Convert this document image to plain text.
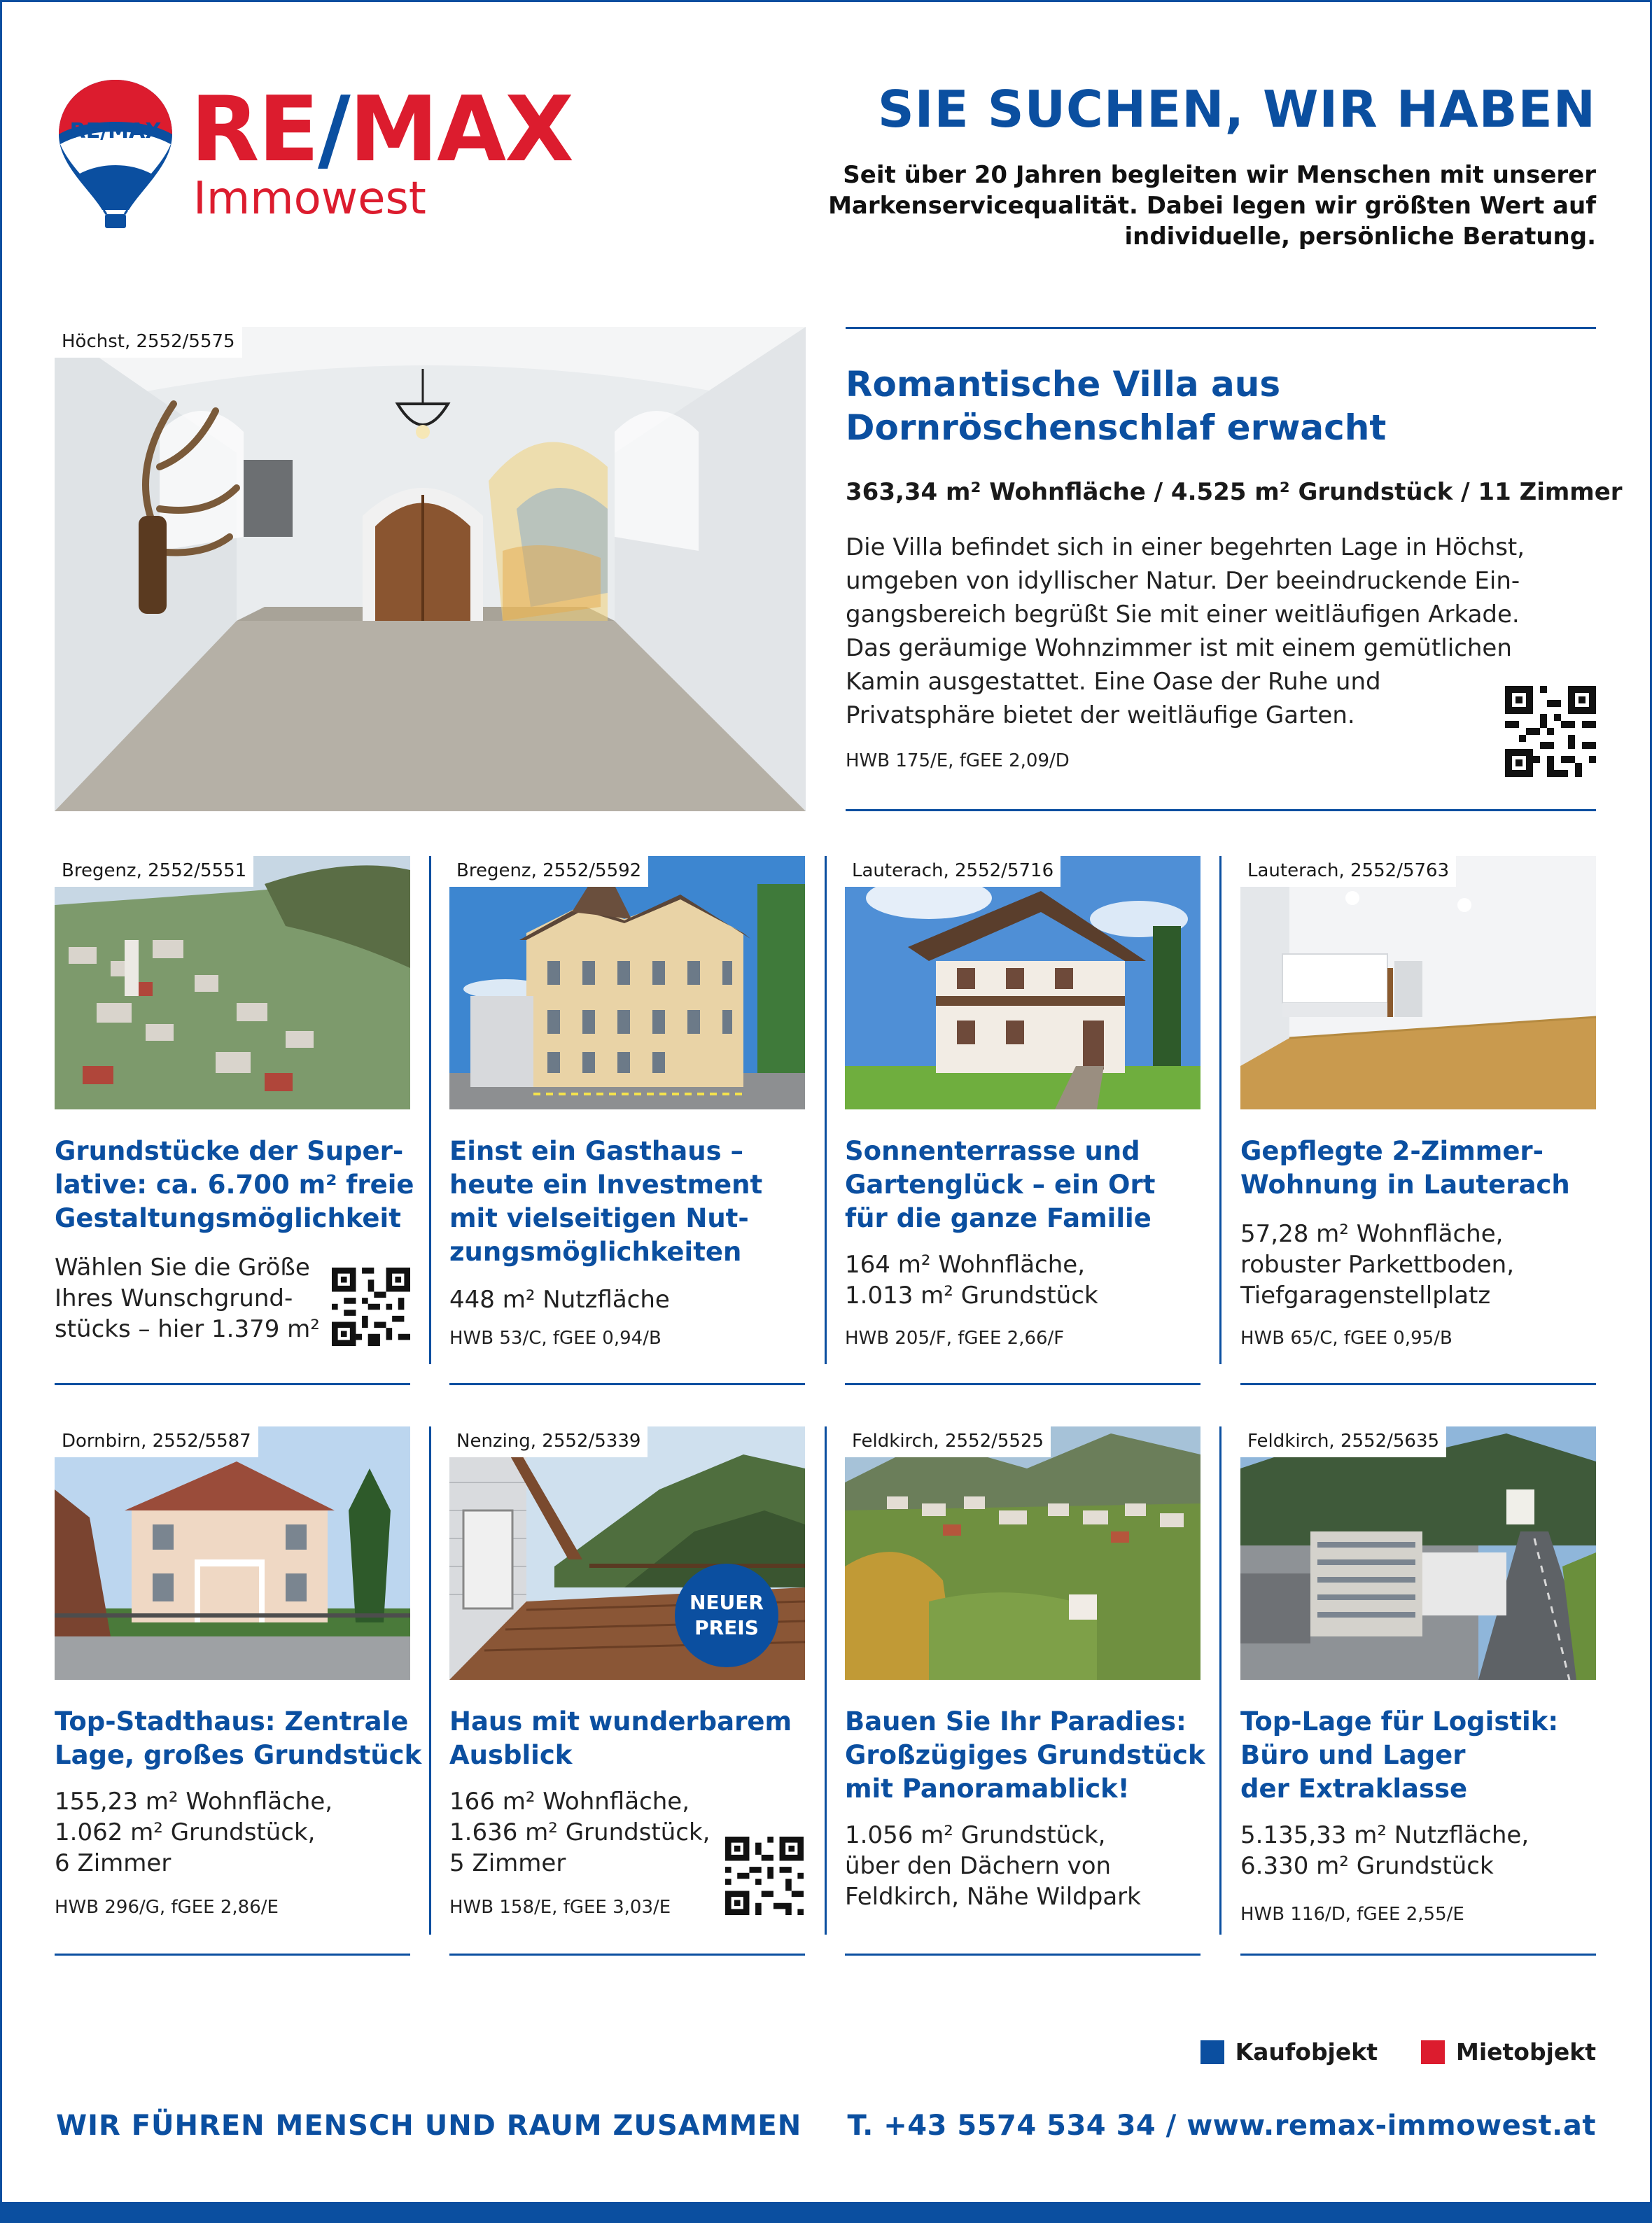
RE/MAX RE/MAX
Immowest
SIE SUCHEN, WIR HABEN
Seit über 20 Jahren begleiten wir Menschen mit unserer
Markenservicequalität. Dabei legen wir größten Wert auf
individuelle, persönliche Beratung.
Höchst, 2552/5575
Romantische Villa aus
Dornröschenschlaf erwacht
363,34 m² Wohnfläche / 4.525 m² Grundstück / 11 Zimmer
Die Villa befindet sich in einer begehrten Lage in Höchst,
umgeben von idyllischer Natur. Der beeindruckende Ein-
gangsbereich begrüßt Sie mit einer weitläufigen Arkade.
Das geräumige Wohnzimmer ist mit einem gemütlichen
Kamin ausgestattet. Eine Oase der Ruhe und
Privatsphäre bietet der weitläufige Garten.
HWB 175/E, fGEE 2,09/D
Bregenz, 2552/5551
Grundstücke der Super-
lative: ca. 6.700 m² freie
Gestaltungsmöglichkeit
Wählen Sie die Größe
Ihres Wunschgrund-
stücks – hier 1.379 m²
Bregenz, 2552/5592
Einst ein Gasthaus –
heute ein Investment
mit vielseitigen Nut-
zungsmöglichkeiten
448 m² Nutzfläche
HWB 53/C, fGEE 0,94/B
Lauterach, 2552/5716
Sonnenterrasse und
Gartenglück – ein Ort
für die ganze Familie
164 m² Wohnfläche,
1.013 m² Grundstück
HWB 205/F, fGEE 2,66/F
Lauterach, 2552/5763
Gepflegte 2-Zimmer-
Wohnung in Lauterach
57,28 m² Wohnfläche,
robuster Parkettboden,
Tiefgaragenstellplatz
HWB 65/C, fGEE 0,95/B
Dornbirn, 2552/5587
Top-Stadthaus: Zentrale
Lage, großes Grundstück
155,23 m² Wohnfläche,
1.062 m² Grundstück,
6 Zimmer
HWB 296/G, fGEE 2,86/E
Nenzing, 2552/5339
NEUER
PREIS
Haus mit wunderbarem
Ausblick
166 m² Wohnfläche,
1.636 m² Grundstück,
5 Zimmer
HWB 158/E, fGEE 3,03/E
Feldkirch, 2552/5525
Bauen Sie Ihr Paradies:
Großzügiges Grundstück
mit Panoramablick!
1.056 m² Grundstück,
über den Dächern von
Feldkirch, Nähe Wildpark
Feldkirch, 2552/5635
Top-Lage für Logistik:
Büro und Lager
der Extraklasse
5.135,33 m² Nutzfläche,
6.330 m² Grundstück
HWB 116/D, fGEE 2,55/E
Kaufobjekt	Mietobjekt
WIR FÜHREN MENSCH UND RAUM ZUSAMMEN T. +43 5574 534 34 / www.remax-immowest.at
